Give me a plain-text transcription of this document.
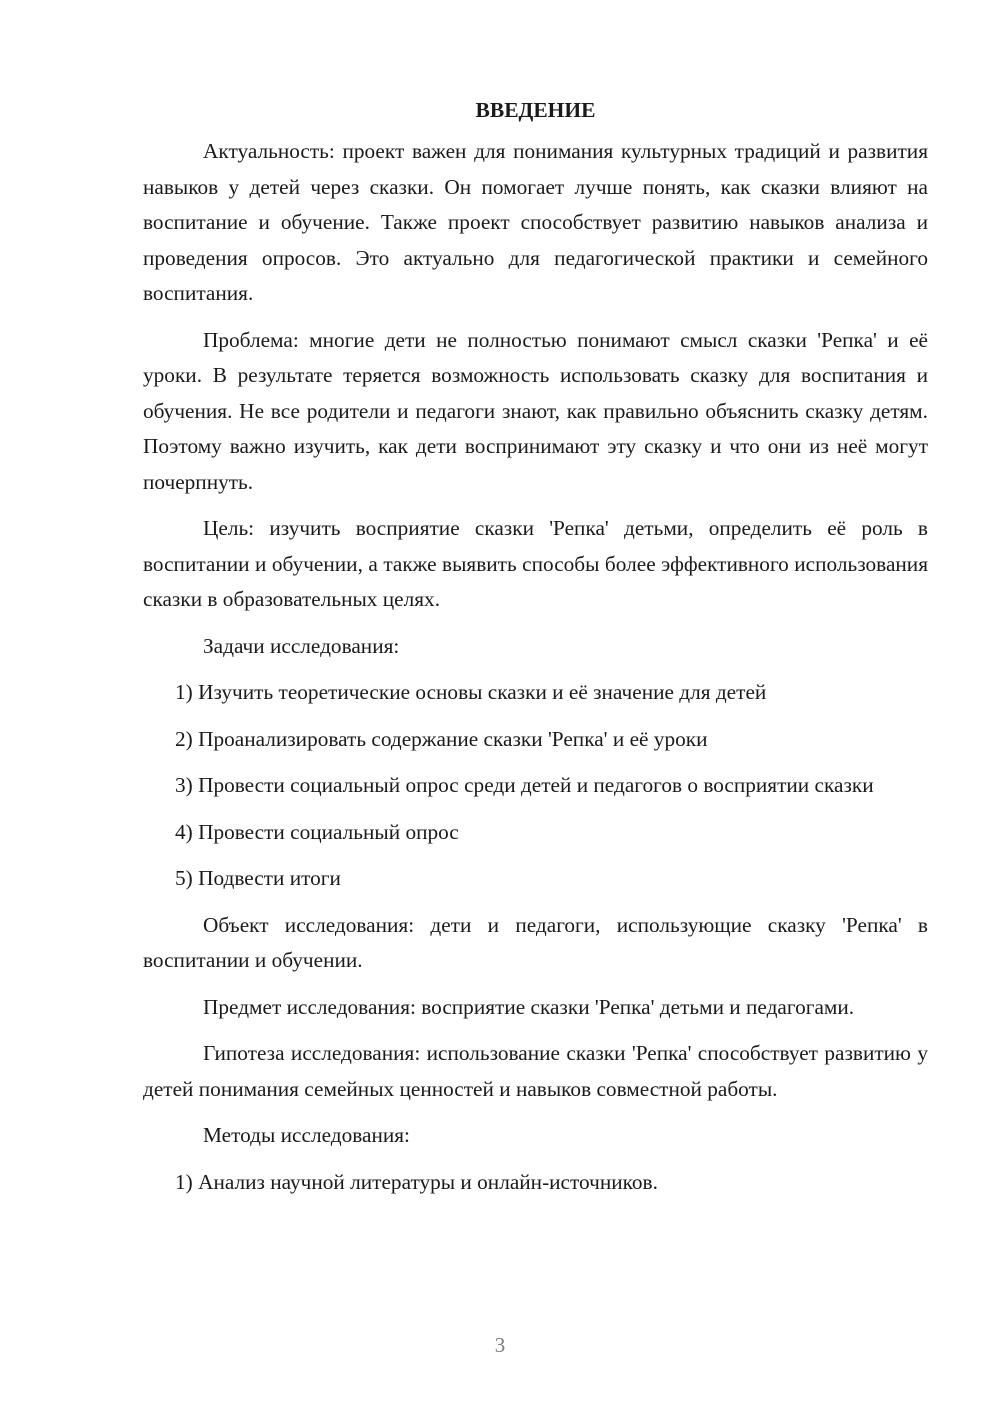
ВВЕДЕНИЕ

Актуальность: проект важен для понимания культурных традиций и развития навыков у детей через сказки. Он помогает лучше понять, как сказки влияют на воспитание и обучение. Также проект способствует развитию навыков анализа и проведения опросов. Это актуально для педагогической практики и семейного воспитания.

Проблема: многие дети не полностью понимают смысл сказки 'Репка' и её уроки. В результате теряется возможность использовать сказку для воспитания и обучения. Не все родители и педагоги знают, как правильно объяснить сказку детям. Поэтому важно изучить, как дети воспринимают эту сказку и что они из неё могут почерпнуть.

Цель: изучить восприятие сказки 'Репка' детьми, определить её роль в воспитании и обучении, а также выявить способы более эффективного использования сказки в образовательных целях.

Задачи исследования:

1) Изучить теоретические основы сказки и её значение для детей

2) Проанализировать содержание сказки 'Репка' и её уроки

3) Провести социальный опрос среди детей и педагогов о восприятии сказки

4) Провести социальный опрос

5) Подвести итоги

Объект исследования: дети и педагоги, использующие сказку 'Репка' в воспитании и обучении.

Предмет исследования: восприятие сказки 'Репка' детьми и педагогами.

Гипотеза исследования: использование сказки 'Репка' способствует развитию у детей понимания семейных ценностей и навыков совместной работы.

Методы исследования:

1) Анализ научной литературы и онлайн-источников.

3
